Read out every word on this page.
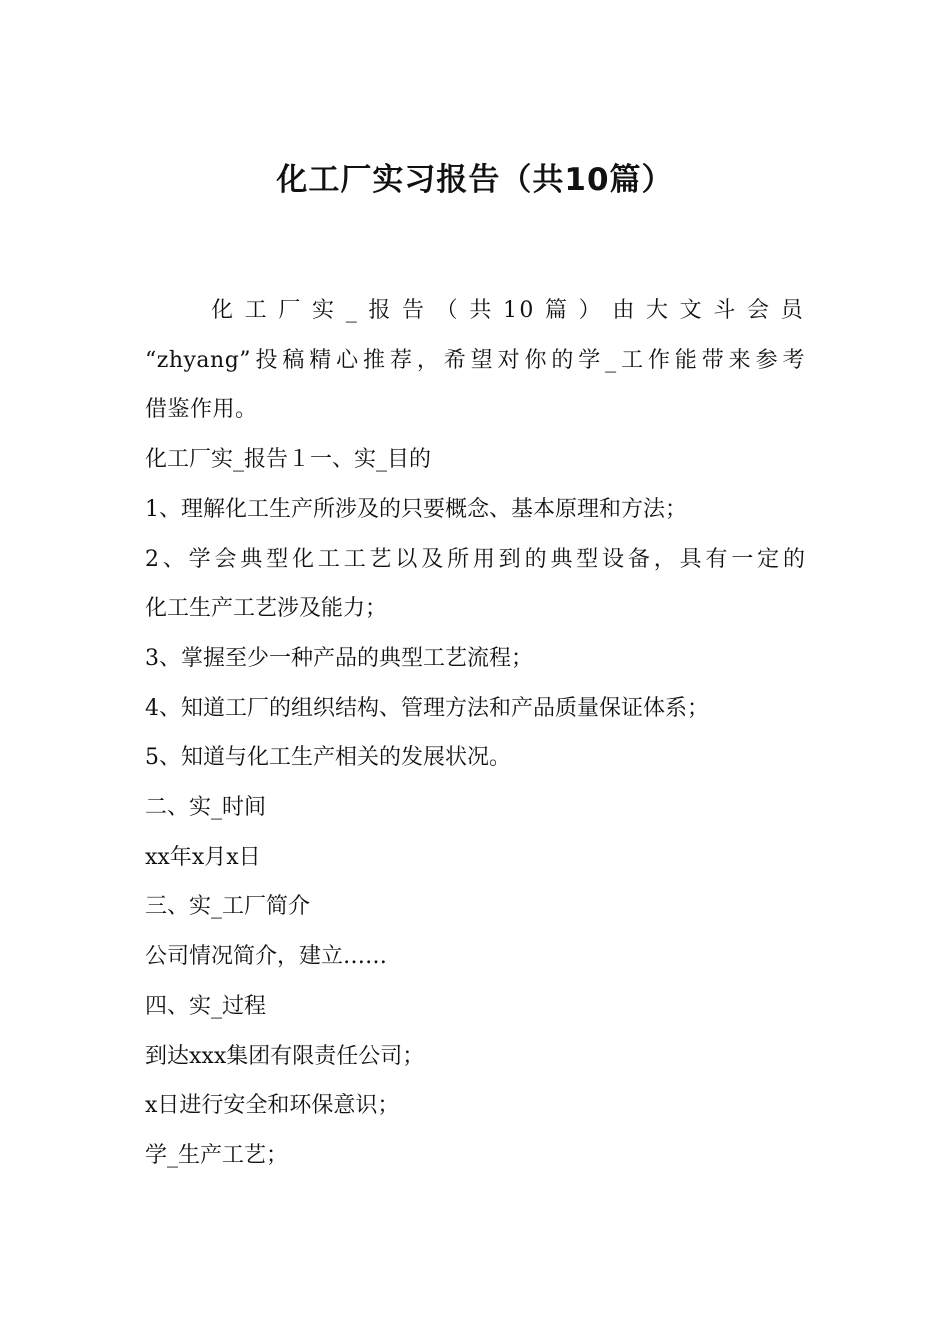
化工厂实习报告（共10篇）
化 工 厂 实 _ 报 告 （ 共 10 篇 ） 由 大 文 斗 会 员
“zhyang”投稿精心推荐，希望对你的学_工作能带来参考
借鉴作用。
化工厂实_报告１一、实_目的
1、理解化工生产所涉及的只要概念、基本原理和方法；
2、学会典型化工工艺以及所用到的典型设备，具有一定的
化工生产工艺涉及能力；
3、掌握至少一种产品的典型工艺流程；
4、知道工厂的组织结构、管理方法和产品质量保证体系；
5、知道与化工生产相关的发展状况。
二、实_时间
xx年x月x日
三、实_工厂简介
公司情况简介，建立……
四、实_过程
到达xxx集团有限责任公司；
x日进行安全和环保意识；
学_生产工艺；
